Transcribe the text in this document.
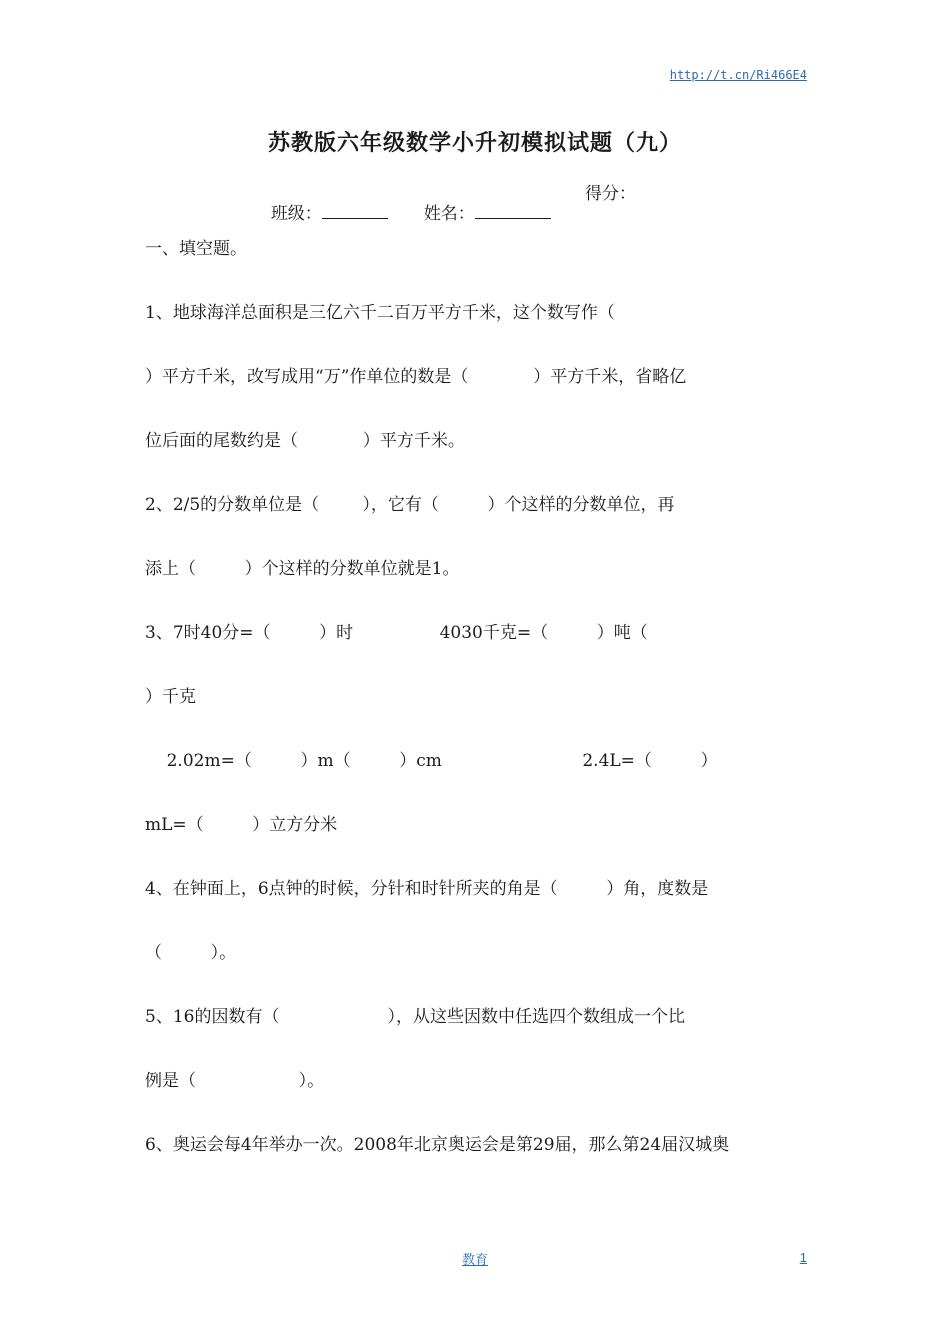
http://t.cn/Ri466E4
苏教版六年级数学小升初模拟试题（九）

班级：	姓名：

得分：
一、填空题。
1、地球海洋总面积是三亿六千二百万平方千米，这个数写作（
）平方千米，改写成用“万”作单位的数是（            ）平方千米，省略亿
位后面的尾数约是（            ）平方千米。
2、2/5的分数单位是（        ），它有（         ）个这样的分数单位，再
添上（         ）个这样的分数单位就是1。
3、7时40分=（         ）时                4030千克=（         ）吨（
）千克
2.02m=（         ）m（         ）cm                          2.4L=（         ）
mL=（         ）立方分米
4、在钟面上，6点钟的时候，分针和时针所夹的角是（         ）角，度数是
（         ）。
5、16的因数有（                    ），从这些因数中任选四个数组成一个比
例是（                   ）。
6、奥运会每4年举办一次。2008年北京奥运会是第29届，那么第24届汉城奥
教育	1
